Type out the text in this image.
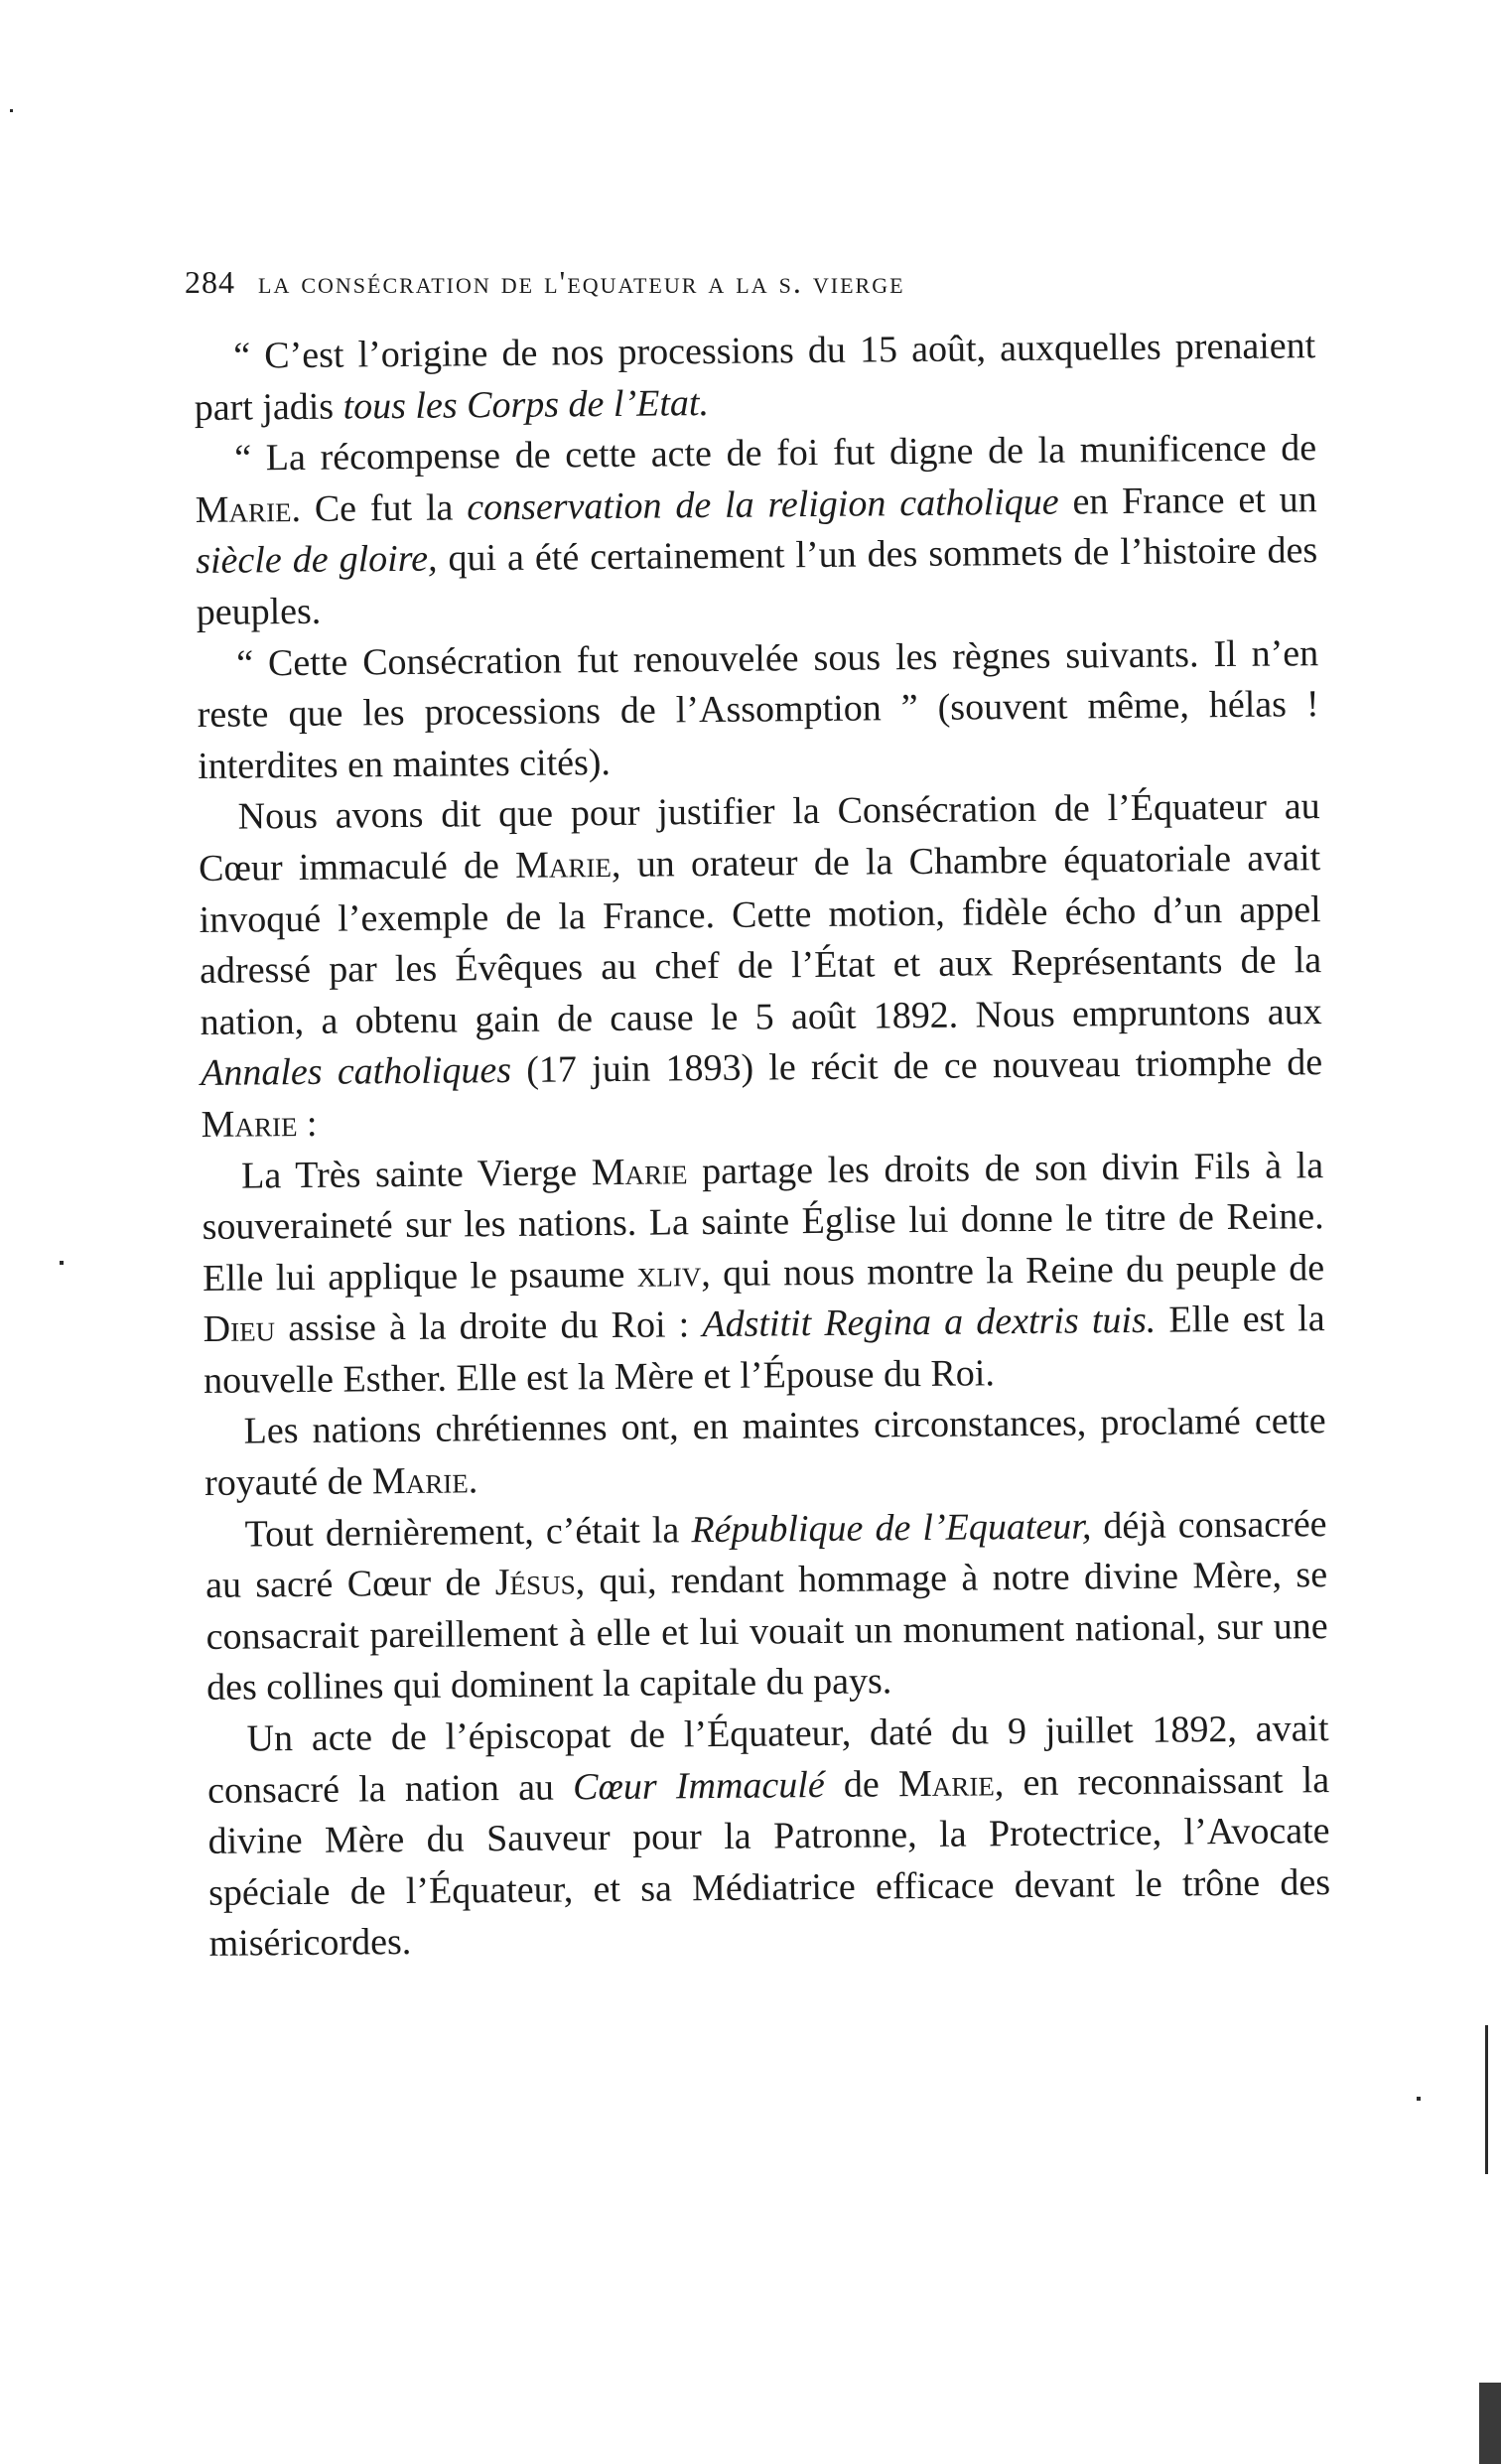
284 la consécration de l'equateur a la s. vierge

“ C’est l’origine de nos processions du 15 août, auxquelles prenaient part jadis tous les Corps de l’Etat.

“ La récompense de cette acte de foi fut digne de la munificence de Marie. Ce fut la conservation de la religion catholique en France et un siècle de gloire, qui a été certainement l’un des sommets de l’histoire des peuples.

“ Cette Consécration fut renouvelée sous les règnes suivants. Il n’en reste que les processions de l’Assomption ” (souvent même, hélas ! interdites en maintes cités).

Nous avons dit que pour justifier la Consécration de l’Équateur au Cœur immaculé de Marie, un orateur de la Chambre équatoriale avait invoqué l’exemple de la France. Cette motion, fidèle écho d’un appel adressé par les Évêques au chef de l’État et aux Représentants de la nation, a obtenu gain de cause le 5 août 1892. Nous empruntons aux Annales catholiques (17 juin 1893) le récit de ce nouveau triomphe de Marie :

La Très sainte Vierge Marie partage les droits de son divin Fils à la souveraineté sur les nations. La sainte Église lui donne le titre de Reine. Elle lui applique le psaume xliv, qui nous montre la Reine du peuple de Dieu assise à la droite du Roi : Adstitit Regina a dextris tuis. Elle est la nouvelle Esther. Elle est la Mère et l’Épouse du Roi.

Les nations chrétiennes ont, en maintes circonstances, proclamé cette royauté de Marie.

Tout dernièrement, c’était la République de l’Equateur, déjà consacrée au sacré Cœur de Jésus, qui, rendant hommage à notre divine Mère, se consacrait pareillement à elle et lui vouait un monument national, sur une des collines qui dominent la capitale du pays.

Un acte de l’épiscopat de l’Équateur, daté du 9 juillet 1892, avait consacré la nation au Cœur Immaculé de Marie, en reconnaissant la divine Mère du Sauveur pour la Patronne, la Protectrice, l’Avocate spéciale de l’Équateur, et sa Médiatrice efficace devant le trône des miséricordes.
